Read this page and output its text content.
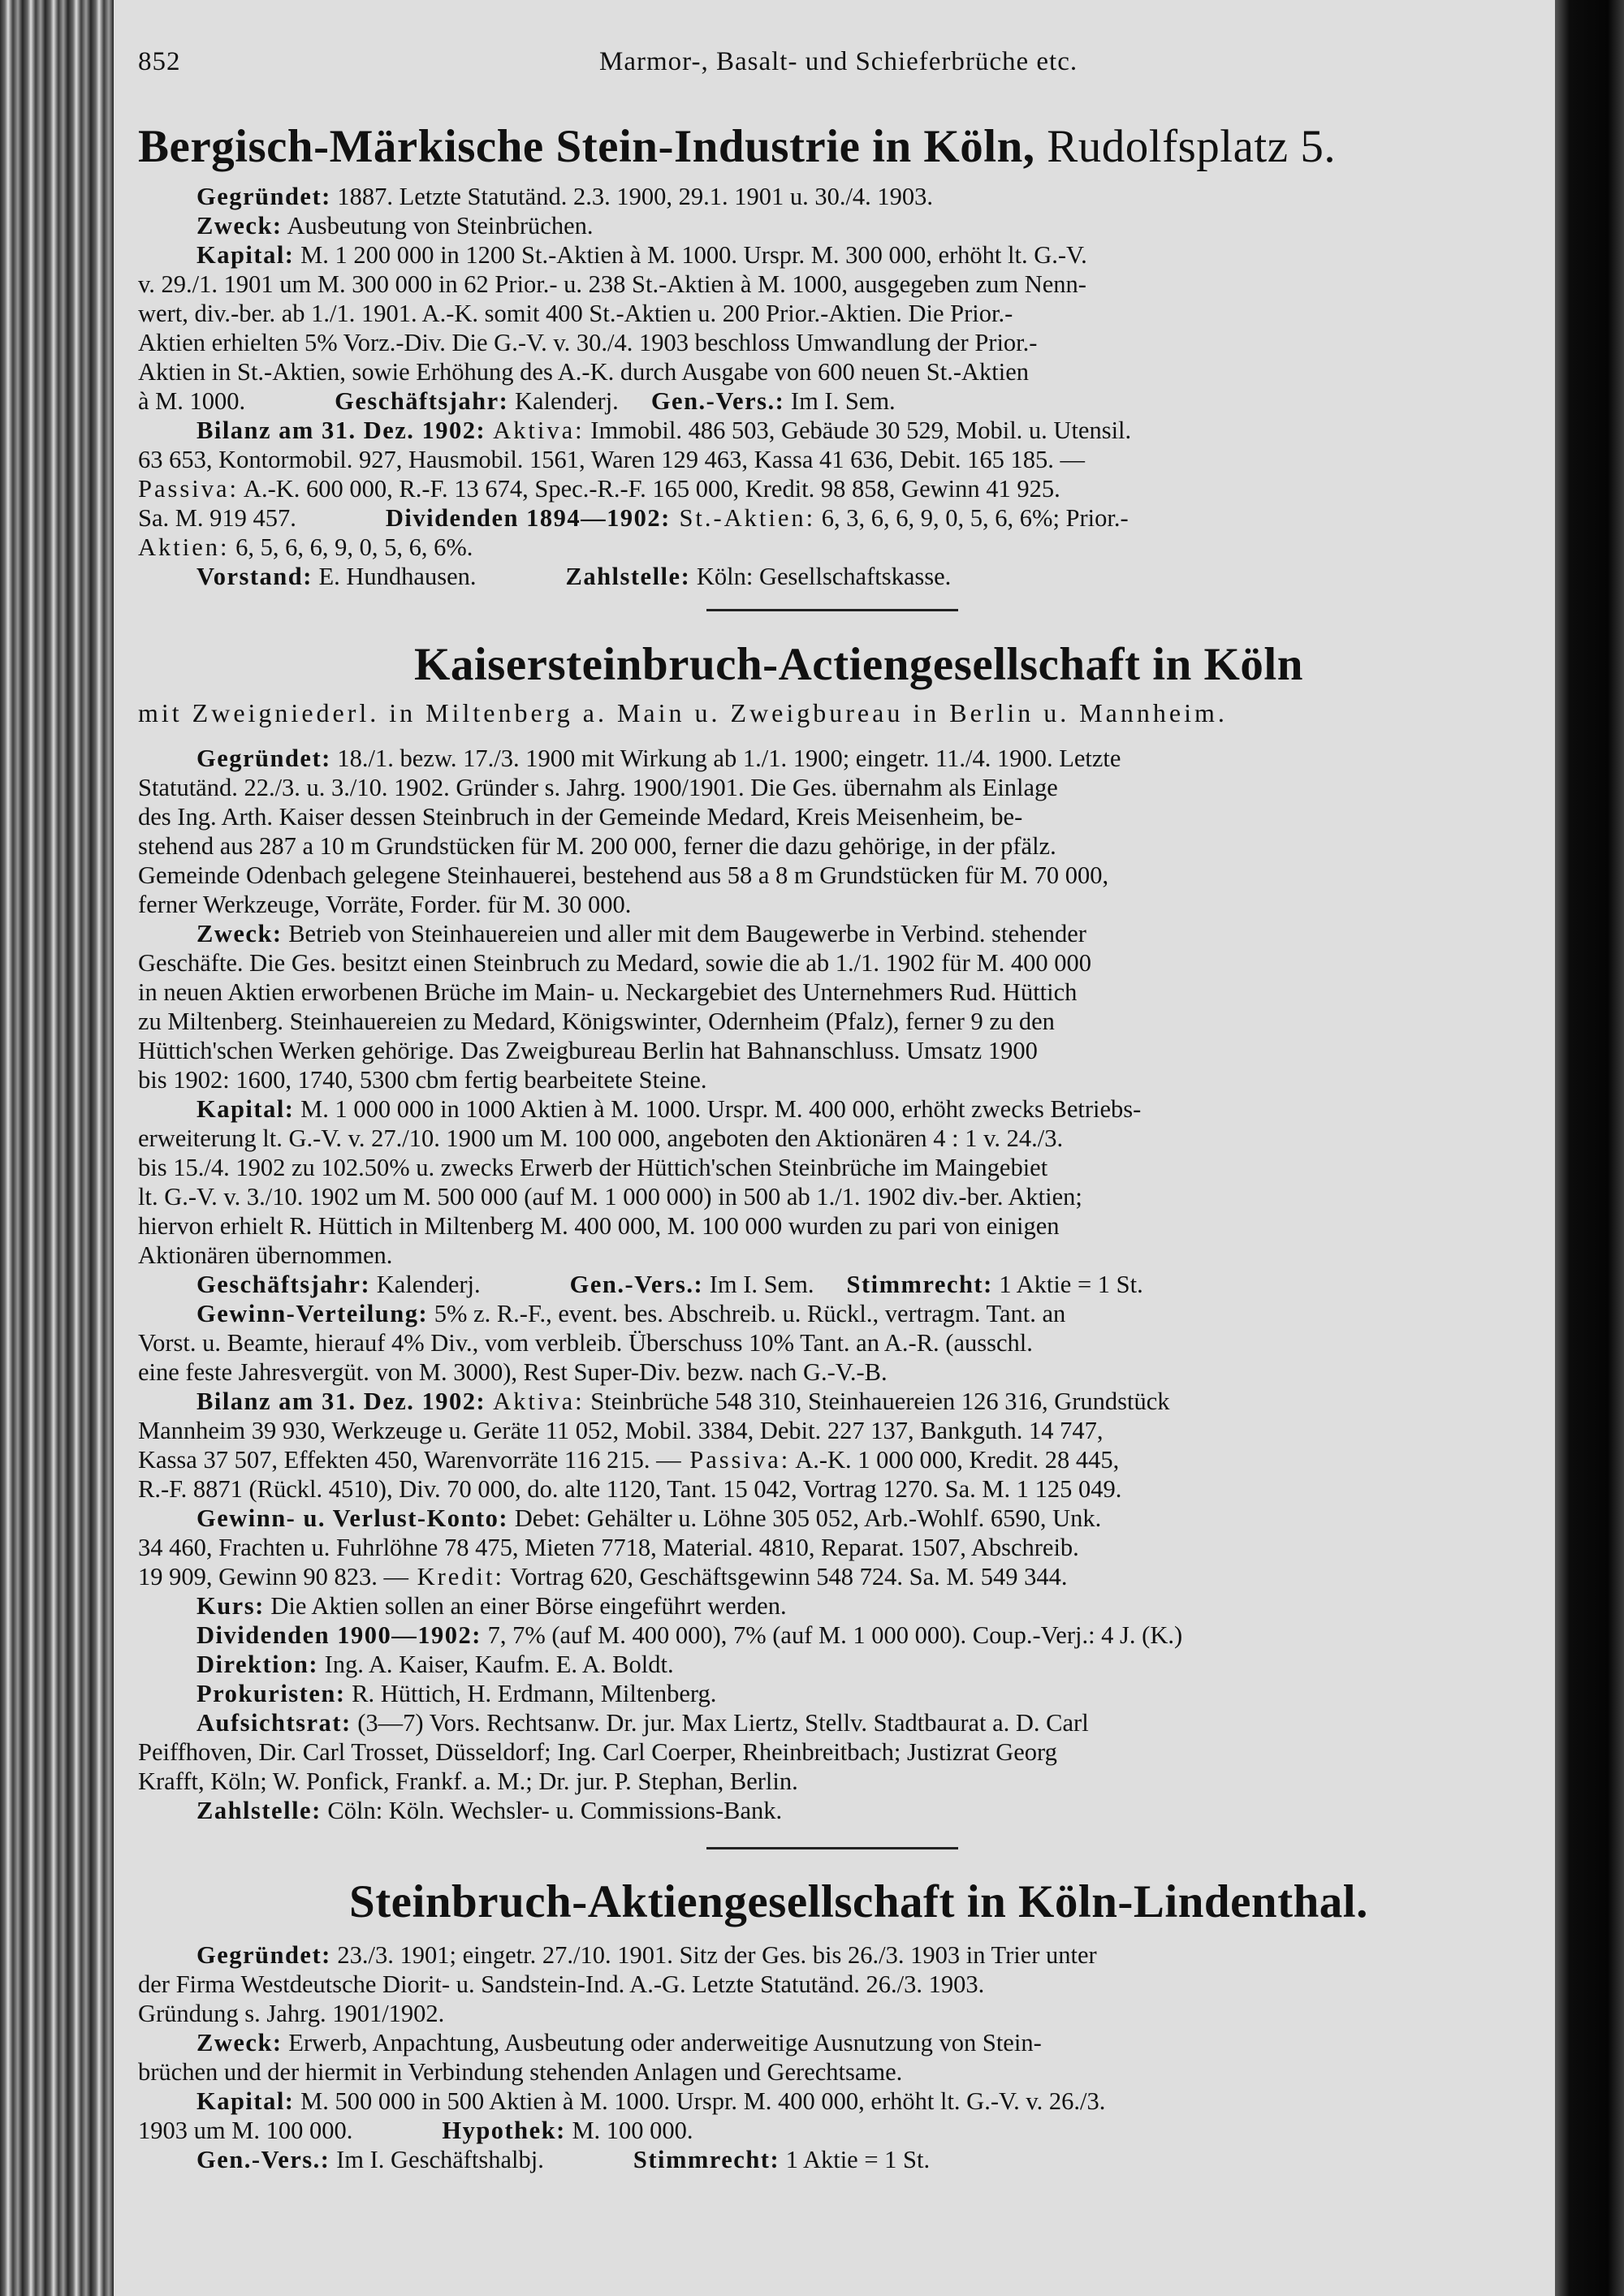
852	Marmor-, Basalt- und Schieferbrüche etc.
Bergisch-Märkische Stein-Industrie in Köln, Rudolfsplatz 5.
Gegründet: 1887. Letzte Statutänd. 2.3. 1900, 29.1. 1901 u. 30./4. 1903.
Zweck: Ausbeutung von Steinbrüchen.
Kapital: M. 1 200 000 in 1200 St.-Aktien à M. 1000. Urspr. M. 300 000, erhöht lt. G.-V.
v. 29./1. 1901 um M. 300 000 in 62 Prior.- u. 238 St.-Aktien à M. 1000, ausgegeben zum Nenn-
wert, div.-ber. ab 1./1. 1901. A.-K. somit 400 St.-Aktien u. 200 Prior.-Aktien. Die Prior.-
Aktien erhielten 5% Vorz.-Div. Die G.-V. v. 30./4. 1903 beschloss Umwandlung der Prior.-
Aktien in St.-Aktien, sowie Erhöhung des A.-K. durch Ausgabe von 600 neuen St.-Aktien
à M. 1000.	Geschäftsjahr: Kalenderj. Gen.-Vers.: Im I. Sem.
Bilanz am 31. Dez. 1902: Aktiva: Immobil. 486 503, Gebäude 30 529, Mobil. u. Utensil.
63 653, Kontormobil. 927, Hausmobil. 1561, Waren 129 463, Kassa 41 636, Debit. 165 185. —
Passiva: A.-K. 600 000, R.-F. 13 674, Spec.-R.-F. 165 000, Kredit. 98 858, Gewinn 41 925.
Sa. M. 919 457.	Dividenden 1894—1902: St.-Aktien: 6, 3, 6, 6, 9, 0, 5, 6, 6%; Prior.-
Aktien: 6, 5, 6, 6, 9, 0, 5, 6, 6%.
Vorstand: E. Hundhausen.	Zahlstelle: Köln: Gesellschaftskasse.
Kaisersteinbruch-Actiengesellschaft in Köln
mit Zweigniederl. in Miltenberg a. Main u. Zweigbureau in Berlin u. Mannheim.
Gegründet: 18./1. bezw. 17./3. 1900 mit Wirkung ab 1./1. 1900; eingetr. 11./4. 1900. Letzte
Statutänd. 22./3. u. 3./10. 1902. Gründer s. Jahrg. 1900/1901. Die Ges. übernahm als Einlage
des Ing. Arth. Kaiser dessen Steinbruch in der Gemeinde Medard, Kreis Meisenheim, be-
stehend aus 287 a 10 m Grundstücken für M. 200 000, ferner die dazu gehörige, in der pfälz.
Gemeinde Odenbach gelegene Steinhauerei, bestehend aus 58 a 8 m Grundstücken für M. 70 000,
ferner Werkzeuge, Vorräte, Forder. für M. 30 000.
Zweck: Betrieb von Steinhauereien und aller mit dem Baugewerbe in Verbind. stehender
Geschäfte. Die Ges. besitzt einen Steinbruch zu Medard, sowie die ab 1./1. 1902 für M. 400 000
in neuen Aktien erworbenen Brüche im Main- u. Neckargebiet des Unternehmers Rud. Hüttich
zu Miltenberg. Steinhauereien zu Medard, Königswinter, Odernheim (Pfalz), ferner 9 zu den
Hüttich'schen Werken gehörige. Das Zweigbureau Berlin hat Bahnanschluss. Umsatz 1900
bis 1902: 1600, 1740, 5300 cbm fertig bearbeitete Steine.
Kapital: M. 1 000 000 in 1000 Aktien à M. 1000. Urspr. M. 400 000, erhöht zwecks Betriebs-
erweiterung lt. G.-V. v. 27./10. 1900 um M. 100 000, angeboten den Aktionären 4 : 1 v. 24./3.
bis 15./4. 1902 zu 102.50% u. zwecks Erwerb der Hüttich'schen Steinbrüche im Maingebiet
lt. G.-V. v. 3./10. 1902 um M. 500 000 (auf M. 1 000 000) in 500 ab 1./1. 1902 div.-ber. Aktien;
hiervon erhielt R. Hüttich in Miltenberg M. 400 000, M. 100 000 wurden zu pari von einigen
Aktionären übernommen.
Geschäftsjahr: Kalenderj.	Gen.-Vers.: Im I. Sem. Stimmrecht: 1 Aktie = 1 St.
Gewinn-Verteilung: 5% z. R.-F., event. bes. Abschreib. u. Rückl., vertragm. Tant. an
Vorst. u. Beamte, hierauf 4% Div., vom verbleib. Überschuss 10% Tant. an A.-R. (ausschl.
eine feste Jahresvergüt. von M. 3000), Rest Super-Div. bezw. nach G.-V.-B.
Bilanz am 31. Dez. 1902: Aktiva: Steinbrüche 548 310, Steinhauereien 126 316, Grundstück
Mannheim 39 930, Werkzeuge u. Geräte 11 052, Mobil. 3384, Debit. 227 137, Bankguth. 14 747,
Kassa 37 507, Effekten 450, Warenvorräte 116 215. — Passiva: A.-K. 1 000 000, Kredit. 28 445,
R.-F. 8871 (Rückl. 4510), Div. 70 000, do. alte 1120, Tant. 15 042, Vortrag 1270. Sa. M. 1 125 049.
Gewinn- u. Verlust-Konto: Debet: Gehälter u. Löhne 305 052, Arb.-Wohlf. 6590, Unk.
34 460, Frachten u. Fuhrlöhne 78 475, Mieten 7718, Material. 4810, Reparat. 1507, Abschreib.
19 909, Gewinn 90 823. — Kredit: Vortrag 620, Geschäftsgewinn 548 724. Sa. M. 549 344.
Kurs: Die Aktien sollen an einer Börse eingeführt werden.
Dividenden 1900—1902: 7, 7% (auf M. 400 000), 7% (auf M. 1 000 000). Coup.-Verj.: 4 J. (K.)
Direktion: Ing. A. Kaiser, Kaufm. E. A. Boldt.
Prokuristen: R. Hüttich, H. Erdmann, Miltenberg.
Aufsichtsrat: (3—7) Vors. Rechtsanw. Dr. jur. Max Liertz, Stellv. Stadtbaurat a. D. Carl
Peiffhoven, Dir. Carl Trosset, Düsseldorf; Ing. Carl Coerper, Rheinbreitbach; Justizrat Georg
Krafft, Köln; W. Ponfick, Frankf. a. M.; Dr. jur. P. Stephan, Berlin.
Zahlstelle: Cöln: Köln. Wechsler- u. Commissions-Bank.
Steinbruch-Aktiengesellschaft in Köln-Lindenthal.
Gegründet: 23./3. 1901; eingetr. 27./10. 1901. Sitz der Ges. bis 26./3. 1903 in Trier unter
der Firma Westdeutsche Diorit- u. Sandstein-Ind. A.-G. Letzte Statutänd. 26./3. 1903.
Gründung s. Jahrg. 1901/1902.
Zweck: Erwerb, Anpachtung, Ausbeutung oder anderweitige Ausnutzung von Stein-
brüchen und der hiermit in Verbindung stehenden Anlagen und Gerechtsame.
Kapital: M. 500 000 in 500 Aktien à M. 1000. Urspr. M. 400 000, erhöht lt. G.-V. v. 26./3.
1903 um M. 100 000.	Hypothek: M. 100 000.
Gen.-Vers.: Im I. Geschäftshalbj.	Stimmrecht: 1 Aktie = 1 St.
